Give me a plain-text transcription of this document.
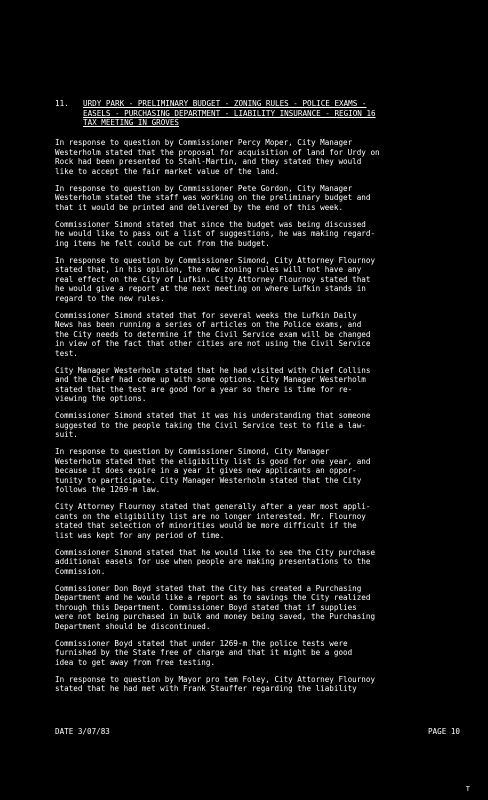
11.	URDY PARK - PRELIMINARY BUDGET - ZONING RULES - POLICE EXAMS -
EASELS - PURCHASING DEPARTMENT - LIABILITY INSURANCE - REGION 16
TAX MEETING IN GROVES
In response to question by Commissioner Percy Moper, City Manager
Westerholm stated that the proposal for acquisition of land for Urdy on
Rock had been presented to Stahl-Martin, and they stated they would
like to accept the fair market value of the land.
In response to question by Commissioner Pete Gordon, City Manager
Westerholm stated the staff was working on the preliminary budget and
that it would be printed and delivered by the end of this week.
Commissioner Simond stated that since the budget was being discussed
he would like to pass out a list of suggestions, he was making regard-
ing items he felt could be cut from the budget.
In response to question by Commissioner Simond, City Attorney Flournoy
stated that, in his opinion, the new zoning rules will not have any
real effect on the City of Lufkin. City Attorney Flournoy stated that
he would give a report at the next meeting on where Lufkin stands in
regard to the new rules.
Commissioner Simond stated that for several weeks the Lufkin Daily
News has been running a series of articles on the Police exams, and
the City needs to determine if the Civil Service exam will be changed
in view of the fact that other cities are not using the Civil Service
test.
City Manager Westerholm stated that he had visited with Chief Collins
and the Chief had come up with some options. City Manager Westerholm
stated that the test are good for a year so there is time for re-
viewing the options.
Commissioner Simond stated that it was his understanding that someone
suggested to the people taking the Civil Service test to file a law-
suit.
In response to question by Commissioner Simond, City Manager
Westerholm stated that the eligibility list is good for one year, and
because it does expire in a year it gives new applicants an oppor-
tunity to participate. City Manager Westerholm stated that the City
follows the 1269-m law.
City Attorney Flournoy stated that generally after a year most appli-
cants on the eligibility list are no longer interested. Mr. Flournoy
stated that selection of minorities would be more difficult if the
list was kept for any period of time.
Commissioner Simond stated that he would like to see the City purchase
additional easels for use when people are making presentations to the
Commission.
Commissioner Don Boyd stated that the City has created a Purchasing
Department and he would like a report as to savings the City realized
through this Department. Commissioner Boyd stated that if supplies
were not being purchased in bulk and money being saved, the Purchasing
Department should be discontinued.
Commissioner Boyd stated that under 1269-m the police tests were
furnished by the State free of charge and that it might be a good
idea to get away from free testing.
In response to question by Mayor pro tem Foley, City Attorney Flournoy
stated that he had met with Frank Stauffer regarding the liability
DATE 3/07/83	PAGE 10
T
